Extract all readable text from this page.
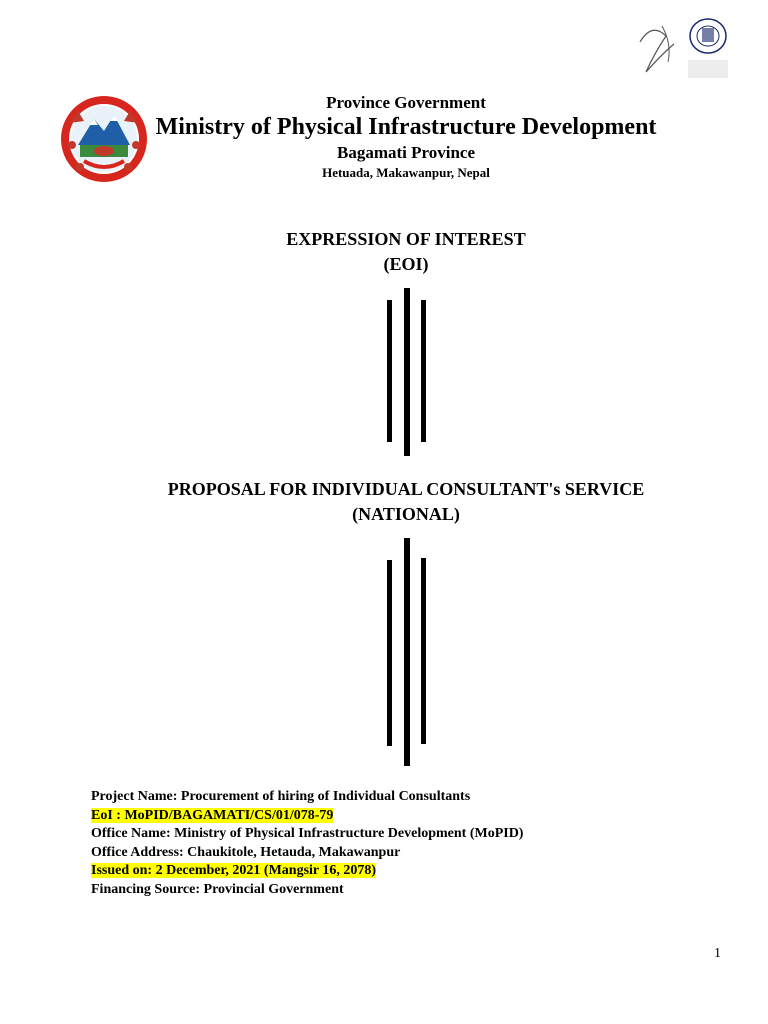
Province Government
Ministry of Physical Infrastructure Development
Bagamati Province
Hetuada, Makawanpur, Nepal
EXPRESSION OF INTEREST
(EOI)
PROPOSAL FOR INDIVIDUAL CONSULTANT's SERVICE
(NATIONAL)
Project Name: Procurement of hiring of Individual Consultants
EoI : MoPID/BAGAMATI/CS/01/078-79
Office Name: Ministry of Physical Infrastructure Development (MoPID)
Office Address: Chaukitole, Hetauda, Makawanpur
Issued on: 2 December, 2021 (Mangsir 16, 2078)
Financing Source: Provincial Government
1
